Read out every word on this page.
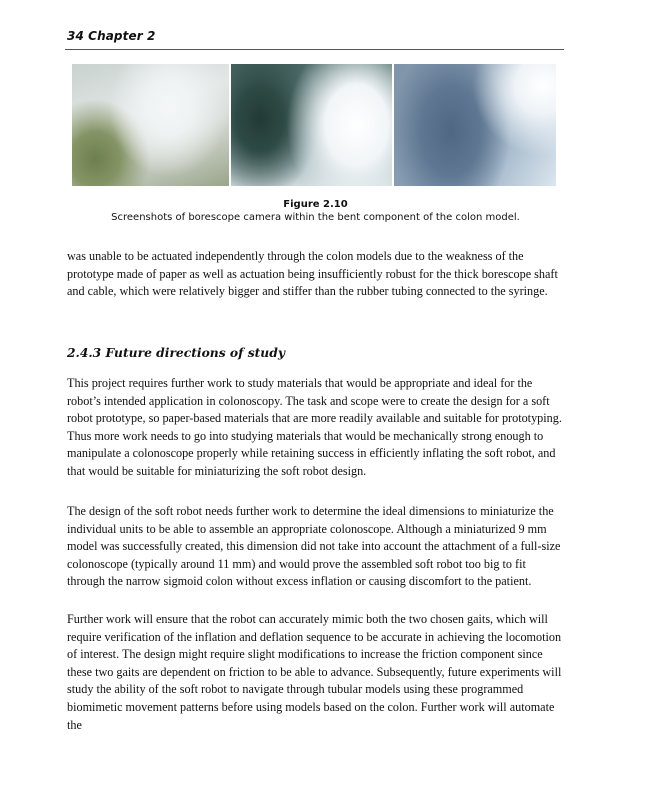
34 Chapter 2
Figure 2.10
Screenshots of borescope camera within the bent component of the colon model.

was unable to be actuated independently through the colon models due to the weakness of the prototype made of paper as well as actuation being insufficiently robust for the thick borescope shaft and cable, which were relatively bigger and stiffer than the rubber tubing connected to the syringe.

2.4.3 Future directions of study

This project requires further work to study materials that would be appropriate and ideal for the robot’s intended application in colonoscopy. The task and scope were to create the design for a soft robot prototype, so paper-based materials that are more readily available and suitable for prototyping. Thus more work needs to go into studying materials that would be mechanically strong enough to manipulate a colonoscope properly while retaining success in efficiently inflating the soft robot, and that would be suitable for miniaturizing the soft robot design.

The design of the soft robot needs further work to determine the ideal dimensions to miniaturize the individual units to be able to assemble an appropriate colonoscope. Although a miniaturized 9 mm model was successfully created, this dimension did not take into account the attachment of a full-size colonoscope (typically around 11 mm) and would prove the assembled soft robot too big to fit through the narrow sigmoid colon without excess inflation or causing discomfort to the patient.

Further work will ensure that the robot can accurately mimic both the two chosen gaits, which will require verification of the inflation and deflation sequence to be accurate in achieving the locomotion of interest. The design might require slight modifications to increase the friction component since these two gaits are dependent on friction to be able to advance. Subsequently, future experiments will study the ability of the soft robot to navigate through tubular models using these programmed biomimetic movement patterns before using models based on the colon. Further work will automate the
